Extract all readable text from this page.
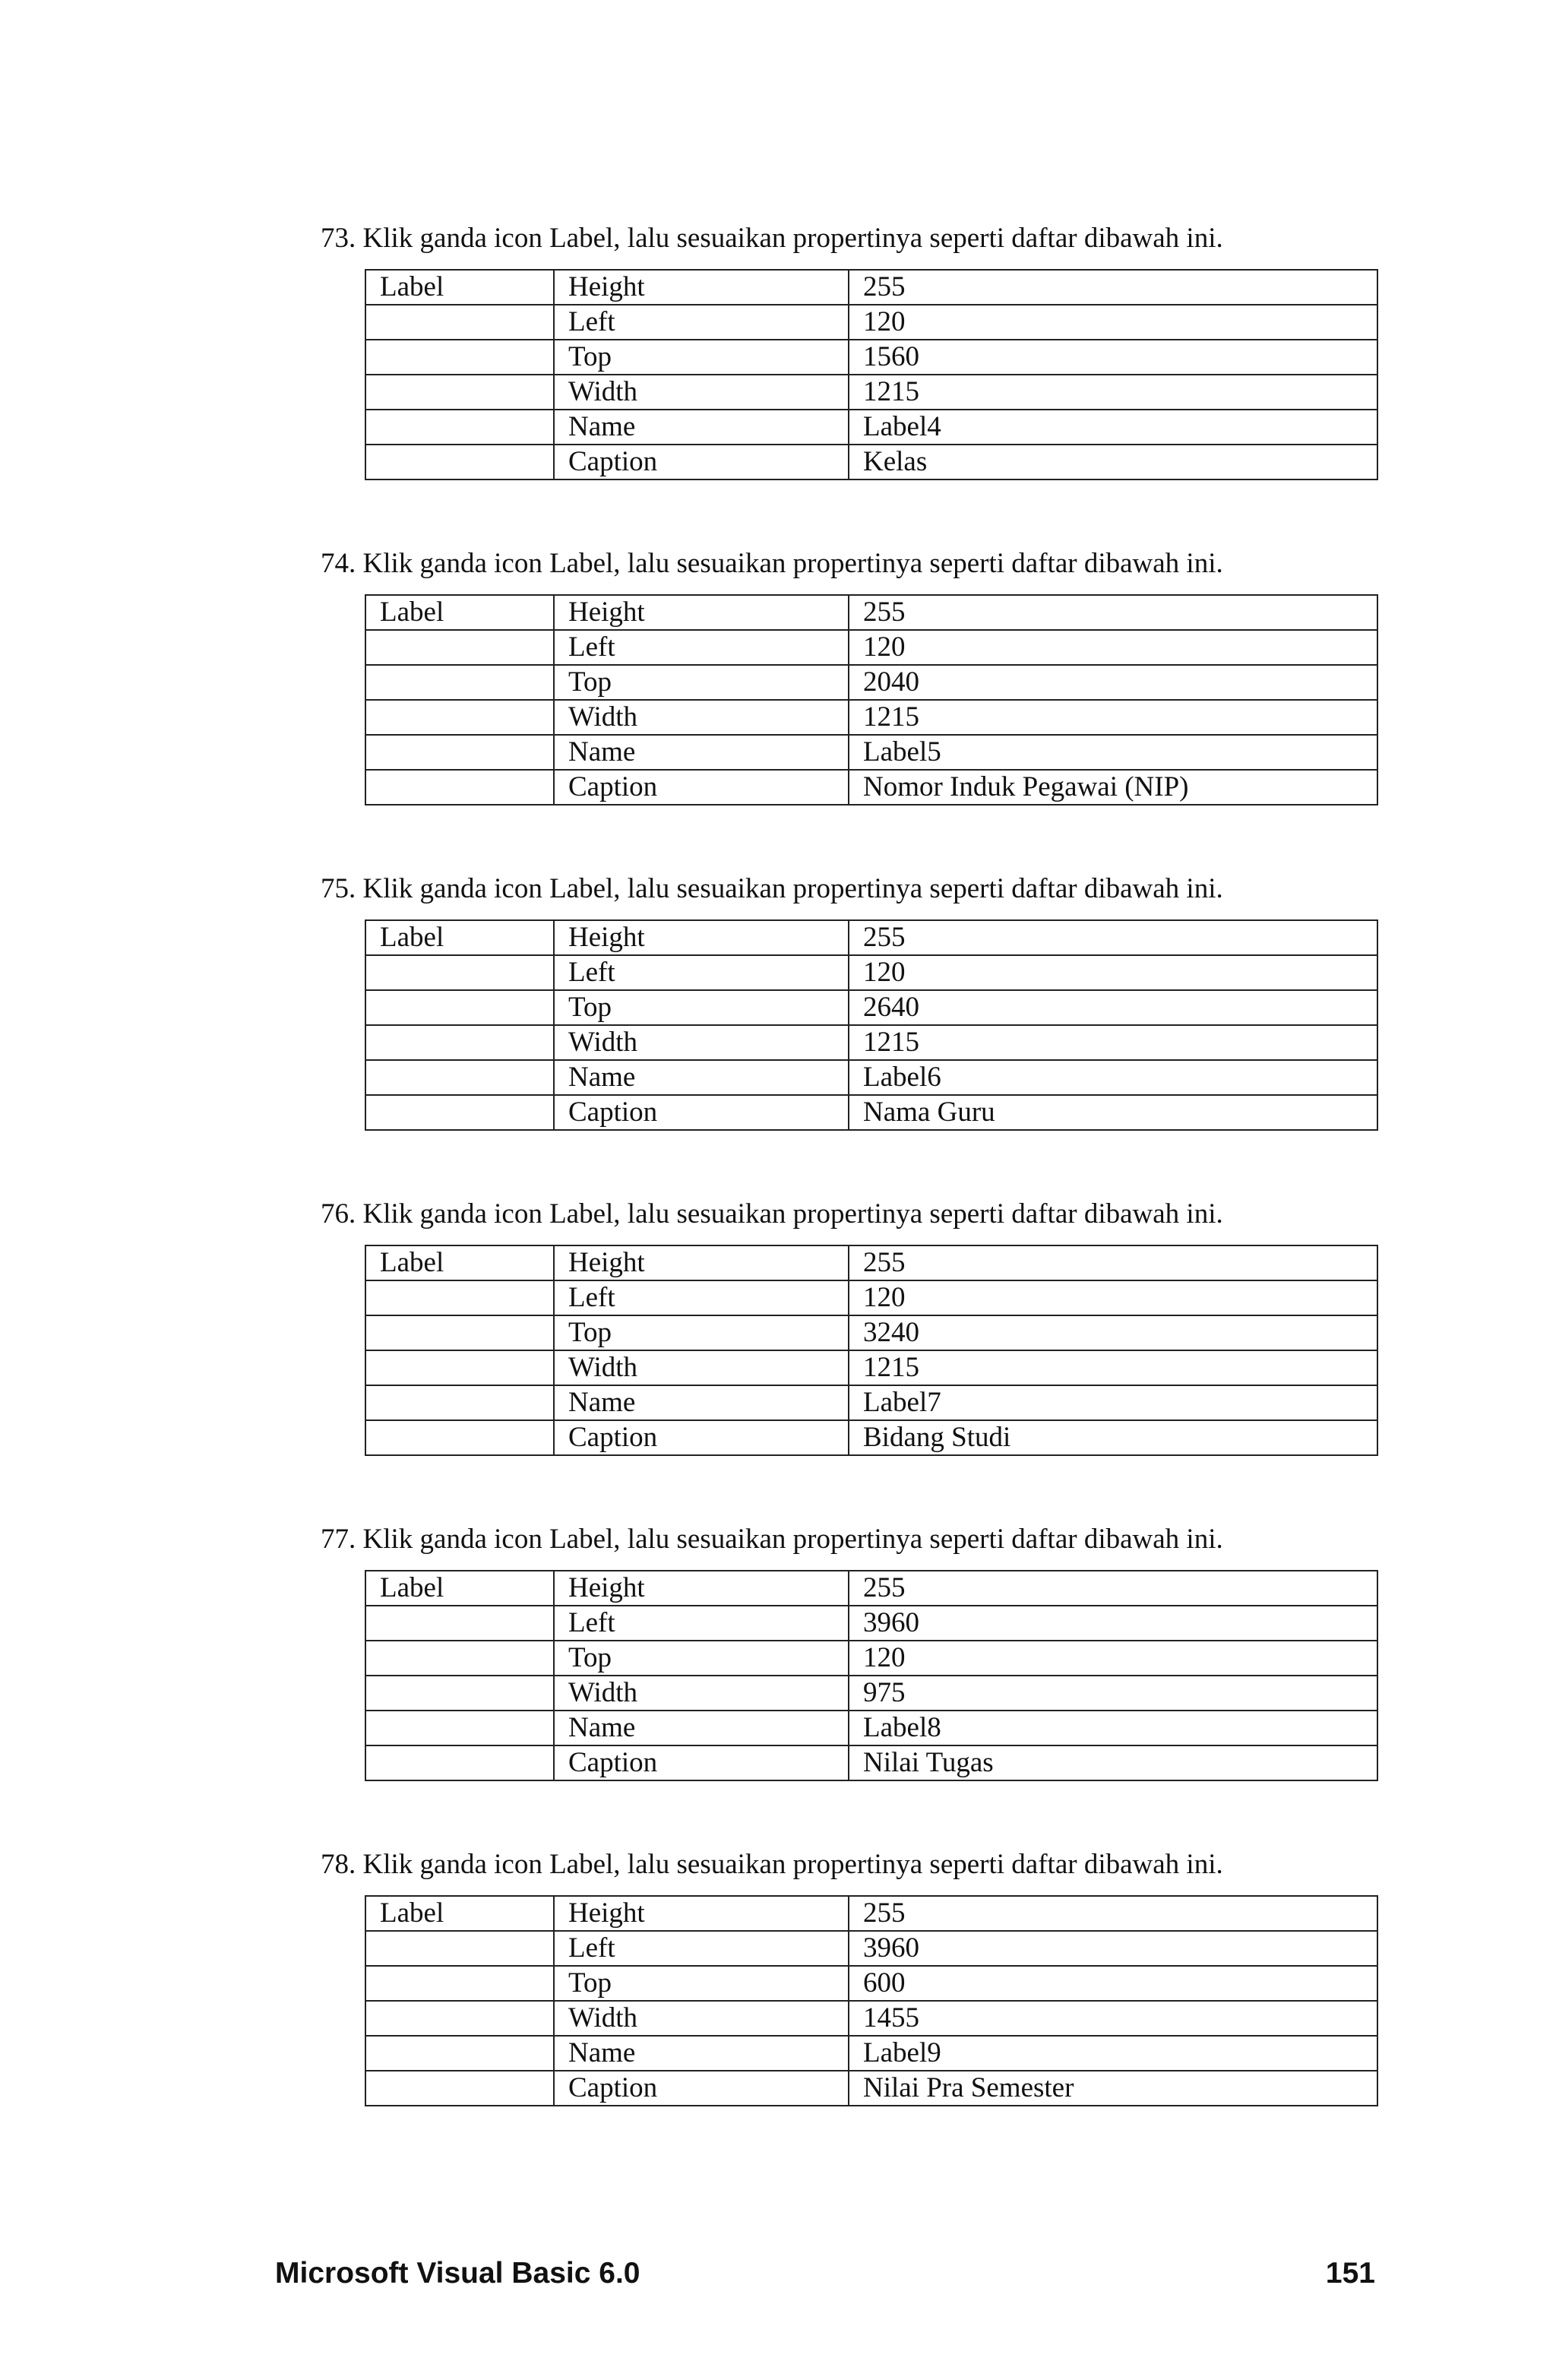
73. Klik ganda icon Label, lalu sesuaikan propertinya seperti daftar dibawah ini.
Label	Height	255
	Left	120
	Top	1560
	Width	1215
	Name	Label4
	Caption	Kelas
74. Klik ganda icon Label, lalu sesuaikan propertinya seperti daftar dibawah ini.
Label	Height	255
	Left	120
	Top	2040
	Width	1215
	Name	Label5
	Caption	Nomor Induk Pegawai (NIP)
75. Klik ganda icon Label, lalu sesuaikan propertinya seperti daftar dibawah ini.
Label	Height	255
	Left	120
	Top	2640
	Width	1215
	Name	Label6
	Caption	Nama Guru
76. Klik ganda icon Label, lalu sesuaikan propertinya seperti daftar dibawah ini.
Label	Height	255
	Left	120
	Top	3240
	Width	1215
	Name	Label7
	Caption	Bidang Studi
77. Klik ganda icon Label, lalu sesuaikan propertinya seperti daftar dibawah ini.
Label	Height	255
	Left	3960
	Top	120
	Width	975
	Name	Label8
	Caption	Nilai Tugas
78. Klik ganda icon Label, lalu sesuaikan propertinya seperti daftar dibawah ini.
Label	Height	255
	Left	3960
	Top	600
	Width	1455
	Name	Label9
	Caption	Nilai Pra Semester
Microsoft Visual Basic 6.0	151
